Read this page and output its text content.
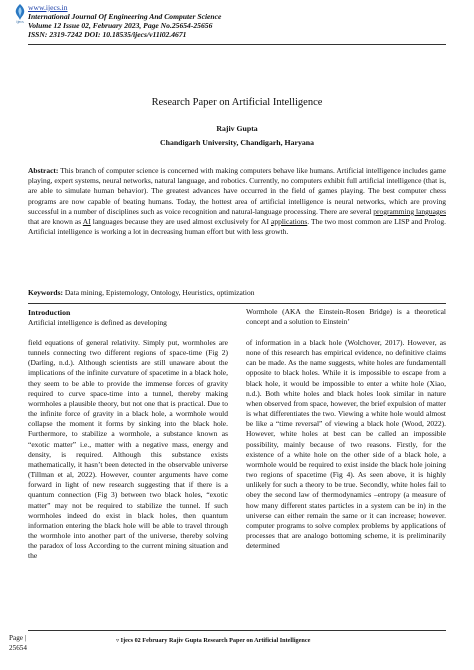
ijecs
www.ijecs.in
International Journal Of Engineering And Computer Science
Volume 12 Issue 02, February 2023, Page No.25654-25656
ISSN: 2319-7242 DOI: 10.18535/ijecs/v11i02.4671
Research Paper on Artificial Intelligence
Rajiv Gupta
Chandigarh University, Chandigarh, Haryana
Abstract: This branch of computer science is concerned with making computers behave like humans. Artificial intelligence includes game playing, expert systems, neural networks, natural language, and robotics. Currently, no computers exhibit full artificial intelligence (that is, are able to simulate human behavior). The greatest advances have occurred in the field of games playing. The best computer chess programs are now capable of beating humans. Today, the hottest area of artificial intelligence is neural networks, which are proving successful in a number of disciplines such as voice recognition and natural-language processing. There are several programming languages that are known as AI languages because they are used almost exclusively for AI applications. The two most common are LISP and Prolog. Artificial intelligence is working a lot in decreasing human effort but with less growth.
Keywords: Data mining, Epistemology, Ontology, Heuristics, optimization
Introduction
Artificial intelligence is defined as developing
Wormhole (AKA the Einstein-Rosen Bridge) is a theoretical concept and a solution to Einstein’
field equations of general relativity. Simply put, wormholes are tunnels connecting two different regions of space-time (Fig 2) (Darling, n.d.). Although scientists are still unaware about the implications of the infinite curvature of spacetime in a black hole, they seem to be able to provide the immense forces of gravity required to curve space-time into a tunnel, thereby making wormholes a plausible theory, but not one that is practical. Due to the infinite force of gravity in a black hole, a wormhole would collapse the moment it forms by sinking into the black hole. Furthermore, to stabilize a wormhole, a substance known as “exotic matter” i.e., matter with a negative mass, energy and density, is required. Although this substance exists mathematically, it hasn’t been detected in the observable universe (Tillman et al, 2022). However, counter arguments have come forward in light of new research suggesting that if there is a quantum connection (Fig 3) between two black holes, “exotic matter” may not be required to stabilize the tunnel. If such wormholes indeed do exist in black holes, then quantum information entering the black hole will be able to travel through the wormhole into another part of the universe, thereby solving the paradox of loss According to the current mining situation and the
of information in a black hole (Wolchover, 2017). However, as none of this research has empirical evidence, no definitive claims can be made. As the name suggests, white holes are fundamentall opposite to black holes. While it is impossible to escape from a black hole, it would be impossible to enter a white hole (Xiao, n.d.). Both white holes and black holes look similar in nature when observed from space, however, the brief expulsion of matter is what differentiates the two. Viewing a white hole would almost be like a “time reversal” of viewing a black hole (Wood, 2022). However, white holes at best can be called an impossible possibility, mainly because of two reasons. Firstly, for the existence of a white hole on the other side of a black hole, a wormhole would be required to exist inside the black hole joining two regions of spacetime (Fig 4). As seen above, it is highly unlikely for such a theory to be true. Secondly, white holes fail to obey the second law of thermodynamics –entropy (a measure of how many different states particles in a system can be in) in the universe can either remain the same or it can increase; however. computer programs to solve complex problems by applications of processes that are analogo bottoming scheme, it is preliminarily determined
Page |
25654
▿ Ijecs 02 February Rajiv Gupta Research Paper on Artificial Intelligence
